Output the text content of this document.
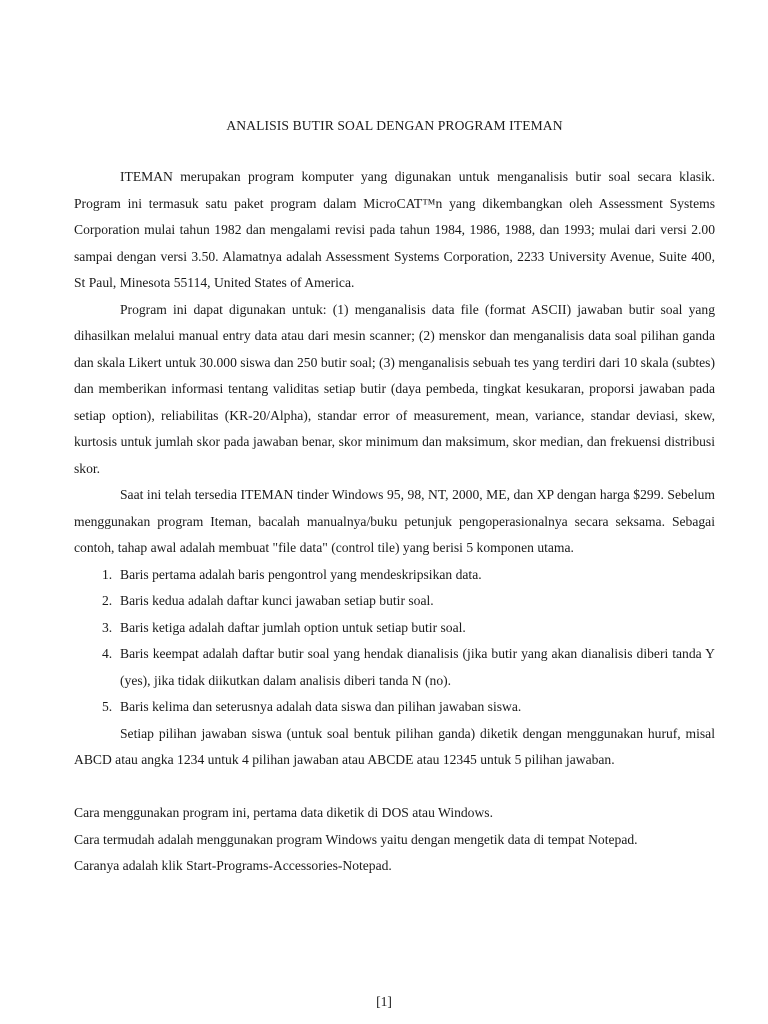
ANALISIS BUTIR SOAL DENGAN PROGRAM ITEMAN

ITEMAN merupakan program komputer yang digunakan untuk menganalisis butir soal secara klasik. Program ini termasuk satu paket program dalam MicroCAT™n yang dikembangkan oleh Assessment Systems Corporation mulai tahun 1982 dan mengalami revisi pada tahun 1984, 1986, 1988, dan 1993; mulai dari versi 2.00 sampai dengan versi 3.50. Alamatnya adalah Assessment Systems Corporation, 2233 University Avenue, Suite 400, St Paul, Minesota 55114, United States of America.

Program ini dapat digunakan untuk: (1) menganalisis data file (format ASCII) jawaban butir soal yang dihasilkan melalui manual entry data atau dari mesin scanner; (2) menskor dan menganalisis data soal pilihan ganda dan skala Likert untuk 30.000 siswa dan 250 butir soal; (3) menganalisis sebuah tes yang terdiri dari 10 skala (subtes) dan memberikan informasi tentang validitas setiap butir (daya pembeda, tingkat kesukaran, proporsi jawaban pada setiap option), reliabilitas (KR-20/Alpha), standar error of measurement, mean, variance, standar deviasi, skew, kurtosis untuk jumlah skor pada jawaban benar, skor minimum dan maksimum, skor median, dan frekuensi distribusi skor.

Saat ini telah tersedia ITEMAN tinder Windows 95, 98, NT, 2000, ME, dan XP dengan harga $299. Sebelum menggunakan program Iteman, bacalah manualnya/buku petunjuk pengoperasionalnya secara seksama. Sebagai contoh, tahap awal adalah membuat "file data" (control tile) yang berisi 5 komponen utama.

1. Baris pertama adalah baris pengontrol yang mendeskripsikan data.
2. Baris kedua adalah daftar kunci jawaban setiap butir soal.
3. Baris ketiga adalah daftar jumlah option untuk setiap butir soal.
4. Baris keempat adalah daftar butir soal yang hendak dianalisis (jika butir yang akan dianalisis diberi tanda Y (yes), jika tidak diikutkan dalam analisis diberi tanda N (no).
5. Baris kelima dan seterusnya adalah data siswa dan pilihan jawaban siswa.

Setiap pilihan jawaban siswa (untuk soal bentuk pilihan ganda) diketik dengan menggunakan huruf, misal ABCD atau angka 1234 untuk 4 pilihan jawaban atau ABCDE atau 12345 untuk 5 pilihan jawaban.

Cara menggunakan program ini, pertama data diketik di DOS atau Windows.

Cara termudah adalah menggunakan program Windows yaitu dengan mengetik data di tempat Notepad.

Caranya adalah klik Start-Programs-Accessories-Notepad.

[1]
